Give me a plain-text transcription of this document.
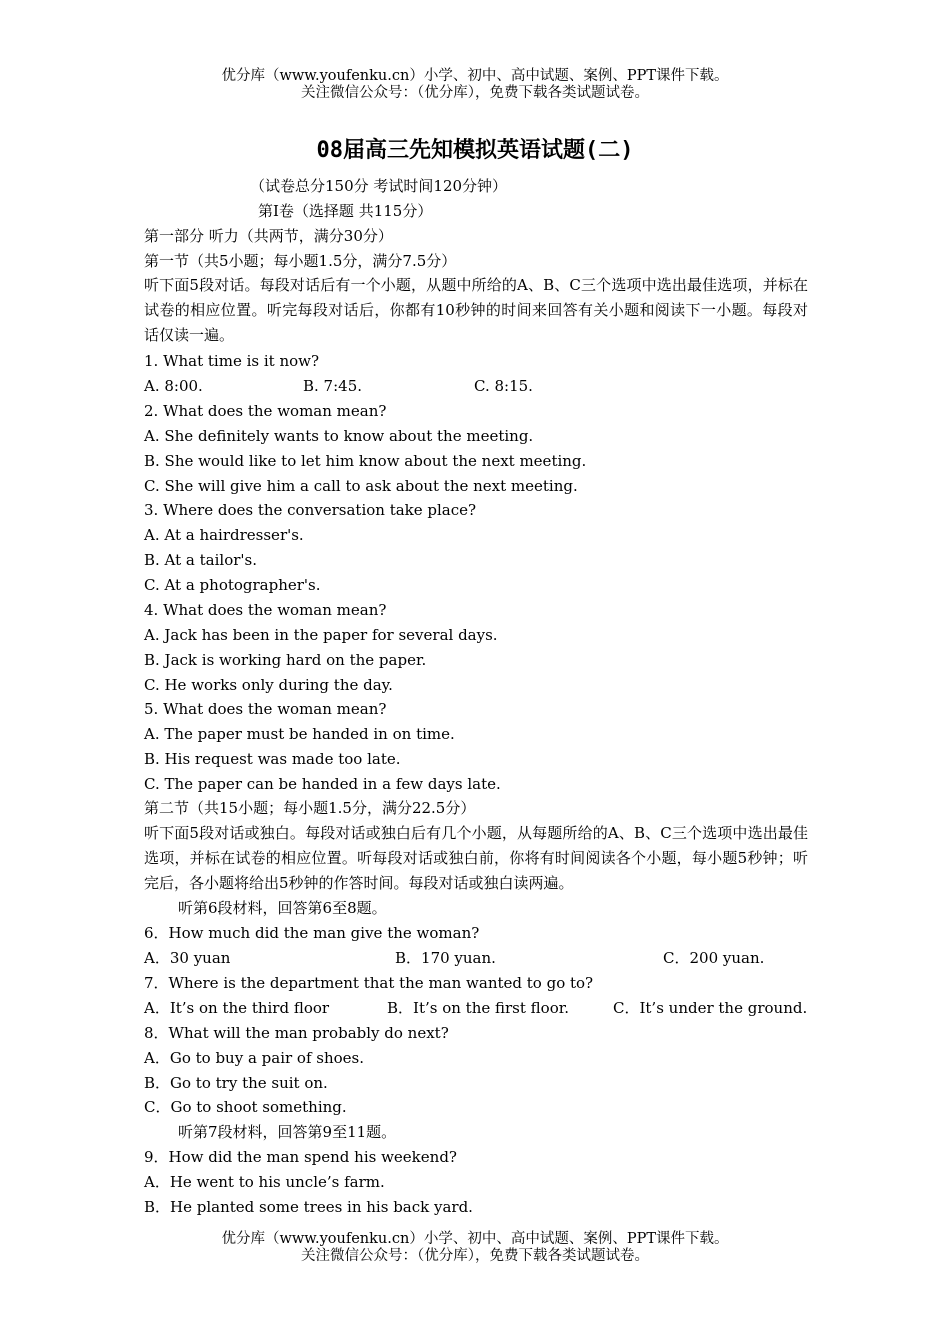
优分库（www.youfenku.cn）小学、初中、高中试题、案例、PPT课件下载。
关注微信公众号：（优分库），免费下载各类试题试卷。
08届高三先知模拟英语试题(二)
（试卷总分150分 考试时间120分钟）
第Ⅰ卷（选择题 共115分）
第一部分 听力（共两节，满分30分）
第一节（共5小题；每小题1.5分，满分7.5分）
听下面5段对话。每段对话后有一个小题，从题中所给的A、B、C三个选项中选出最佳选项，并标在试卷的相应位置。听完每段对话后，你都有10秒钟的时间来回答有关小题和阅读下一小题。每段对话仅读一遍。
1. What time is it now?
A. 8:00.	B. 7:45.	C. 8:15.
2. What does the woman mean?
A. She definitely wants to know about the meeting.
B. She would like to let him know about the next meeting.
C. She will give him a call to ask about the next meeting.
3. Where does the conversation take place?
A. At a hairdresser's.
B. At a tailor's.
C. At a photographer's.
4. What does the woman mean?
A. Jack has been in the paper for several days.
B. Jack is working hard on the paper.
C. He works only during the day.
5. What does the woman mean?
A. The paper must be handed in on time.
B. His request was made too late.
C. The paper can be handed in a few days late.
第二节（共15小题；每小题1.5分，满分22.5分）
听下面5段对话或独白。每段对话或独白后有几个小题，从每题所给的A、B、C三个选项中选出最佳选项，并标在试卷的相应位置。听每段对话或独白前，你将有时间阅读各个小题，每小题5秒钟；听完后，各小题将给出5秒钟的作答时间。每段对话或独白读两遍。
听第6段材料，回答第6至8题。
6．How much did the man give the woman?
A．30 yuan	B．170 yuan.	C．200 yuan.
7．Where is the department that the man wanted to go to?
A．It’s on the third floor	B．It’s on the first floor.	C．It’s under the ground.
8．What will the man probably do next?
A．Go to buy a pair of shoes.
B．Go to try the suit on.
C．Go to shoot something.
听第7段材料，回答第9至11题。
9．How did the man spend his weekend?
A．He went to his uncle’s farm.
B．He planted some trees in his back yard.
优分库（www.youfenku.cn）小学、初中、高中试题、案例、PPT课件下载。
关注微信公众号：（优分库），免费下载各类试题试卷。
